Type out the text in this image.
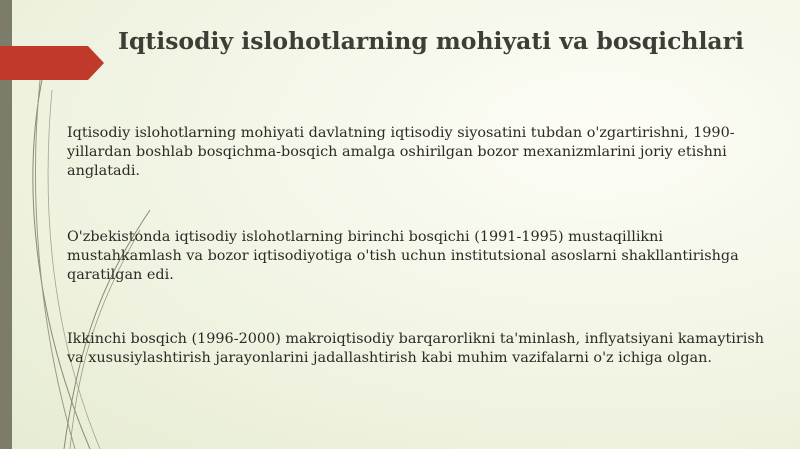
Iqtisodiy islohotlarning mohiyati va bosqichlari

Iqtisodiy islohotlarning mohiyati davlatning iqtisodiy siyosatini tubdan o'zgartirishni, 1990-yillardan boshlab bosqichma-bosqich amalga oshirilgan bozor mexanizmlarini joriy etishni anglatadi.

O'zbekistonda iqtisodiy islohotlarning birinchi bosqichi (1991-1995) mustaqillikni mustahkamlash va bozor iqtisodiyotiga o'tish uchun institutsional asoslarni shakllantirishga qaratilgan edi.

Ikkinchi bosqich (1996-2000) makroiqtisodiy barqarorlikni ta'minlash, inflyatsiyani kamaytirish va xususiylashtirish jarayonlarini jadallashtirish kabi muhim vazifalarni o'z ichiga olgan.
